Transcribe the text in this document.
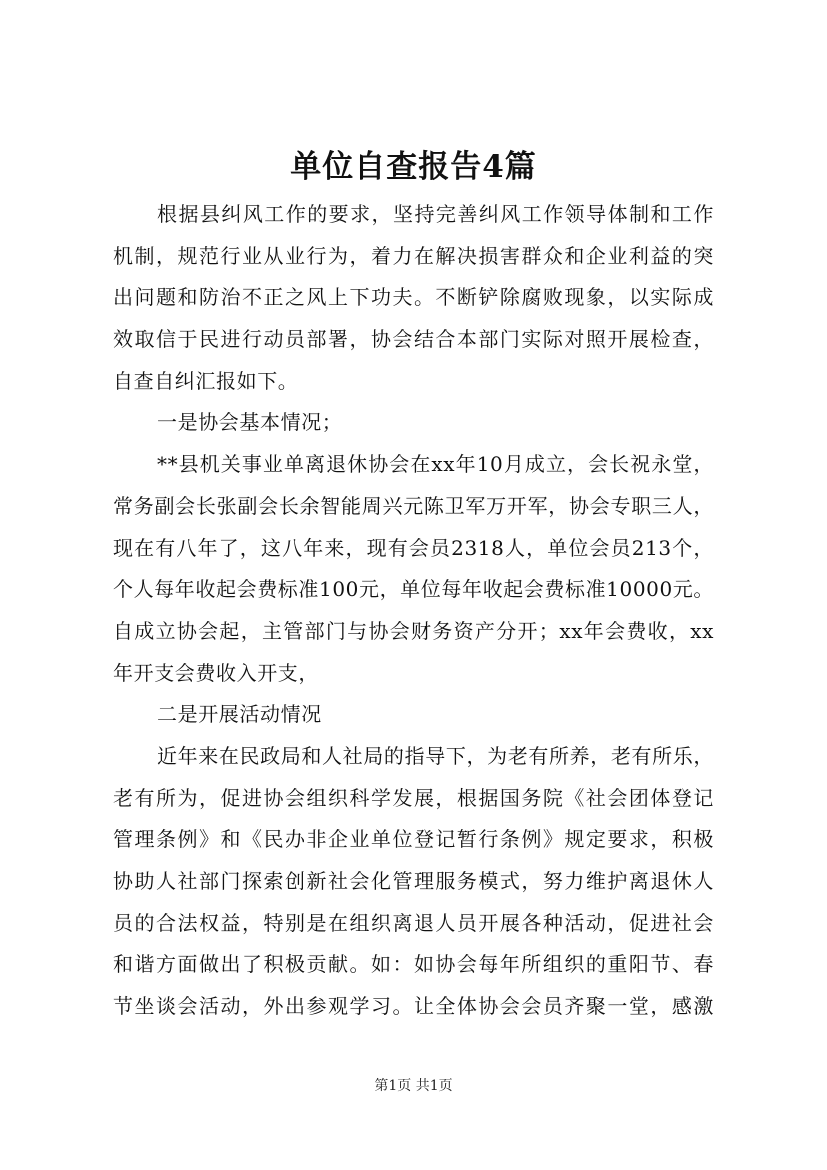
单位自查报告4篇
根据县纠风工作的要求，坚持完善纠风工作领导体制和工作
机制，规范行业从业行为，着力在解决损害群众和企业利益的突
出问题和防治不正之风上下功夫。不断铲除腐败现象，以实际成
效取信于民进行动员部署，协会结合本部门实际对照开展检查，
自查自纠汇报如下。
一是协会基本情况；
**县机关事业单离退休协会在xx年10月成立，会长祝永堂，
常务副会长张副会长余智能周兴元陈卫军万开军，协会专职三人，
现在有八年了，这八年来，现有会员2318人，单位会员213个，
个人每年收起会费标准100元，单位每年收起会费标准10000元。
自成立协会起，主管部门与协会财务资产分开；xx年会费收，xx
年开支会费收入开支，
二是开展活动情况
近年来在民政局和人社局的指导下，为老有所养，老有所乐，
老有所为，促进协会组织科学发展，根据国务院《社会团体登记
管理条例》和《民办非企业单位登记暂行条例》规定要求，积极
协助人社部门探索创新社会化管理服务模式，努力维护离退休人
员的合法权益，特别是在组织离退人员开展各种活动，促进社会
和谐方面做出了积极贡献。如：如协会每年所组织的重阳节、春
节坐谈会活动，外出参观学习。让全体协会会员齐聚一堂，感激
第1页 共1页
